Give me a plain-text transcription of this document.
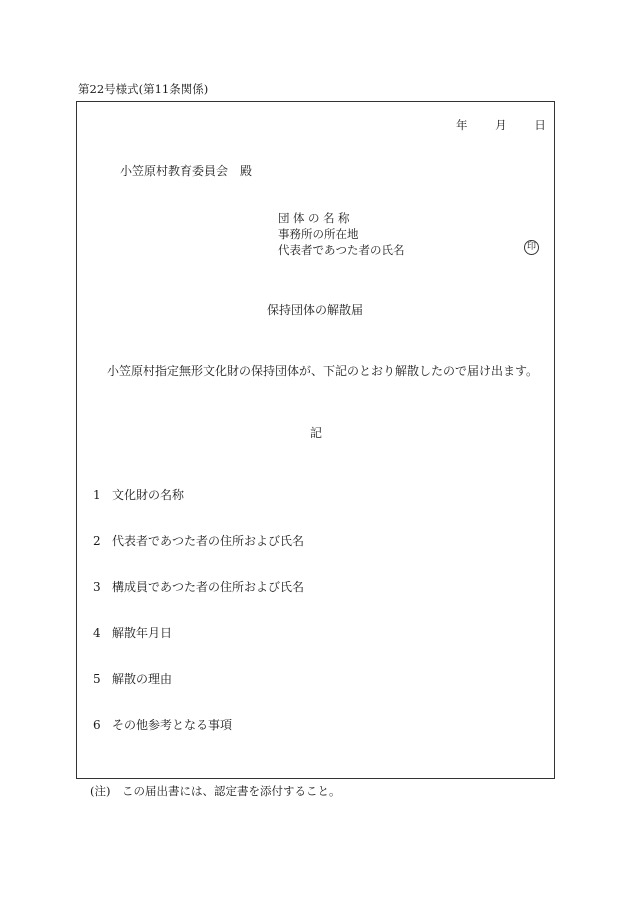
第22号様式(第11条関係)
年 月 日
小笠原村教育委員会　殿
団体の名称
事務所の所在地
代表者であつた者の氏名	印
保持団体の解散届
小笠原村指定無形文化財の保持団体が、下記のとおり解散したので届け出ます。
記
1 文化財の名称
2 代表者であつた者の住所および氏名
3 構成員であつた者の住所および氏名
4 解散年月日
5 解散の理由
6 その他参考となる事項
(注) この届出書には、認定書を添付すること。
